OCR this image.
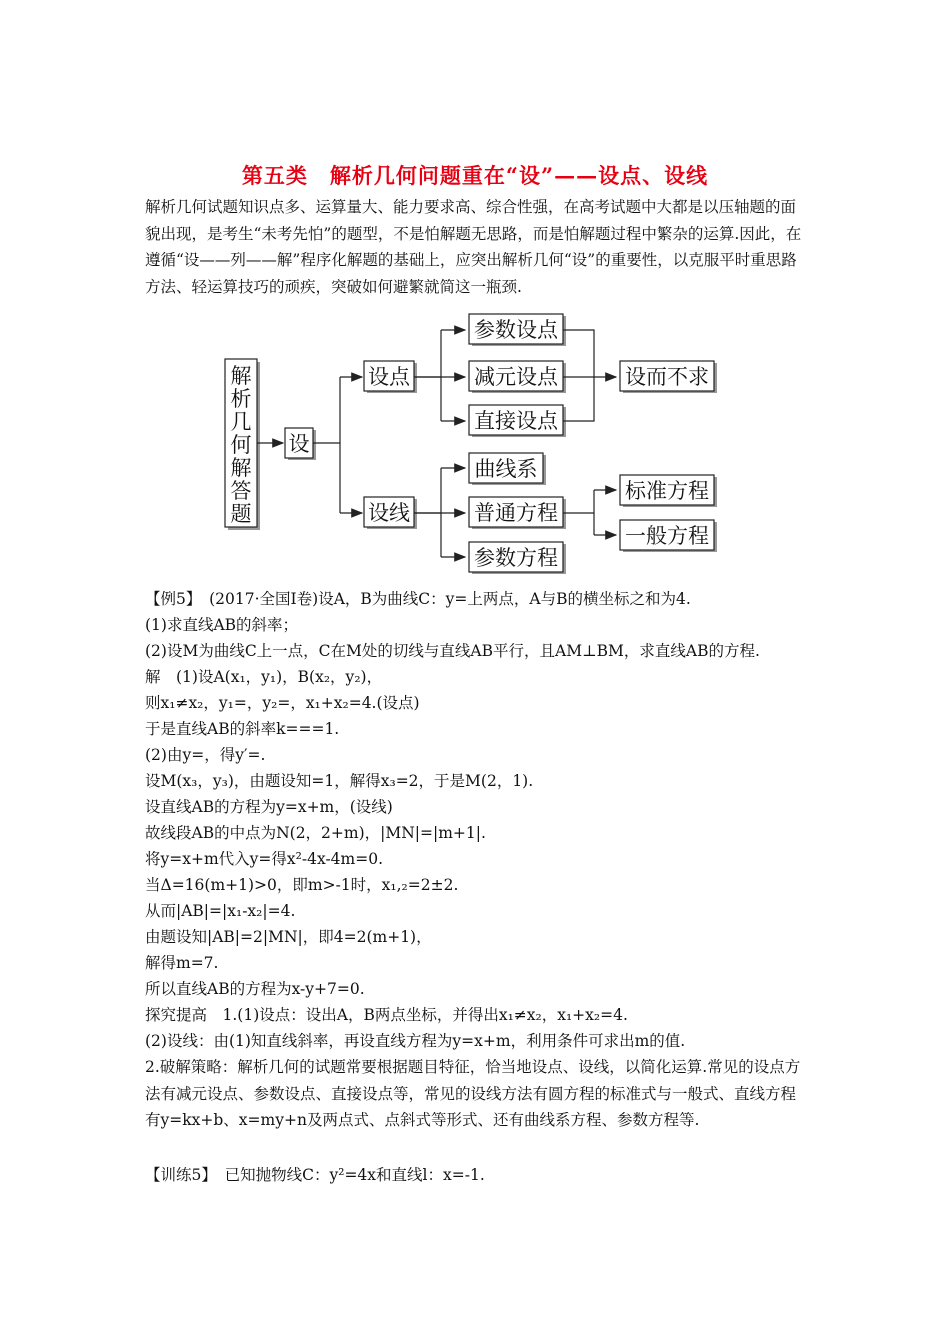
第五类　解析几何问题重在“设”——设点、设线
解析几何试题知识点多、运算量大、能力要求高、综合性强，在高考试题中大都是以压轴题的面貌出现，是考生“未考先怕”的题型，不是怕解题无思路，而是怕解题过程中繁杂的运算.因此，在遵循“设——列——解”程序化解题的基础上，应突出解析几何“设”的重要性，以克服平时重思路方法、轻运算技巧的顽疾，突破如何避繁就简这一瓶颈.
解
析
几
何
解
答
题
设
设点
设线
参数设点
减元设点
直接设点
设而不求
曲线系
普通方程
参数方程
标准方程
一般方程
【例5】　(2017·全国Ⅰ卷)设A，B为曲线C：y=上两点，A与B的横坐标之和为4.
(1)求直线AB的斜率；
(2)设M为曲线C上一点，C在M处的切线与直线AB平行，且AM⊥BM，求直线AB的方程.
解　(1)设A(x₁，y₁)，B(x₂，y₂)，
则x₁≠x₂，y₁=，y₂=，x₁+x₂=4.(设点)
于是直线AB的斜率k===1.
(2)由y=，得y′=.
设M(x₃，y₃)，由题设知=1，解得x₃=2，于是M(2，1).
设直线AB的方程为y=x+m，(设线)
故线段AB的中点为N(2，2+m)，|MN|=|m+1|.
将y=x+m代入y=得x²-4x-4m=0.
当Δ=16(m+1)>0，即m>-1时，x₁,₂=2±2.
从而|AB|=|x₁-x₂|=4.
由题设知|AB|=2|MN|，即4=2(m+1)，
解得m=7.
所以直线AB的方程为x-y+7=0.
探究提高　1.(1)设点：设出A，B两点坐标，并得出x₁≠x₂，x₁+x₂=4.
(2)设线：由(1)知直线斜率，再设直线方程为y=x+m，利用条件可求出m的值.
2.破解策略：解析几何的试题常要根据题目特征，恰当地设点、设线，以简化运算.常见的设点方法有减元设点、参数设点、直接设点等，常见的设线方法有圆方程的标准式与一般式、直线方程有y=kx+b、x=my+n及两点式、点斜式等形式、还有曲线系方程、参数方程等.
【训练5】　已知抛物线C：y²=4x和直线l：x=-1.
